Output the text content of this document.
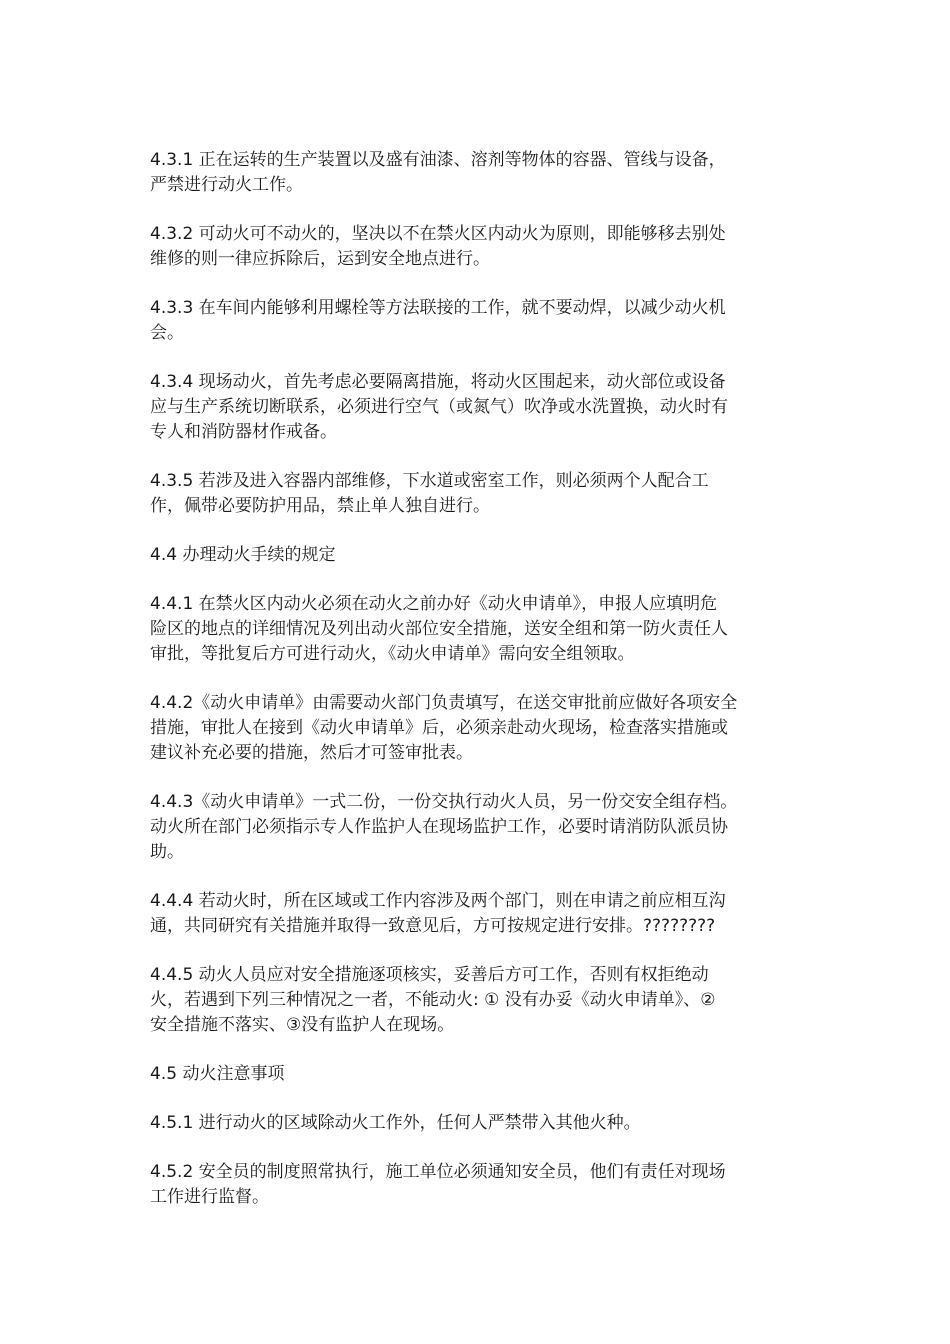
4.3.1 正在运转的生产装置以及盛有油漆、溶剂等物体的容器、管线与设备，
严禁进行动火工作。

4.3.2 可动火可不动火的，坚决以不在禁火区内动火为原则，即能够移去别处
维修的则一律应拆除后，运到安全地点进行。

4.3.3 在车间内能够利用螺栓等方法联接的工作，就不要动焊，以减少动火机
会。

4.3.4 现场动火，首先考虑必要隔离措施，将动火区围起来，动火部位或设备
应与生产系统切断联系，必须进行空气（或氮气）吹净或水洗置换，动火时有
专人和消防器材作戒备。

4.3.5 若涉及进入容器内部维修，下水道或密室工作，则必须两个人配合工
作，佩带必要防护用品，禁止单人独自进行。

4.4 办理动火手续的规定

4.4.1 在禁火区内动火必须在动火之前办好《动火申请单》，申报人应填明危
险区的地点的详细情况及列出动火部位安全措施，送安全组和第一防火责任人
审批，等批复后方可进行动火，《动火申请单》需向安全组领取。

4.4.2《动火申请单》由需要动火部门负责填写，在送交审批前应做好各项安全
措施，审批人在接到《动火申请单》后，必须亲赴动火现场，检查落实措施或
建议补充必要的措施，然后才可签审批表。

4.4.3《动火申请单》一式二份，一份交执行动火人员，另一份交安全组存档。
动火所在部门必须指示专人作监护人在现场监护工作，必要时请消防队派员协
助。

4.4.4 若动火时，所在区域或工作内容涉及两个部门，则在申请之前应相互沟
通，共同研究有关措施并取得一致意见后，方可按规定进行安排。????????

4.4.5 动火人员应对安全措施逐项核实，妥善后方可工作，否则有权拒绝动
火，若遇到下列三种情况之一者，不能动火: ① 没有办妥《动火申请单》、②
安全措施不落实、③没有监护人在现场。

4.5 动火注意事项

4.5.1 进行动火的区域除动火工作外，任何人严禁带入其他火种。

4.5.2 安全员的制度照常执行，施工单位必须通知安全员，他们有责任对现场
工作进行监督。
